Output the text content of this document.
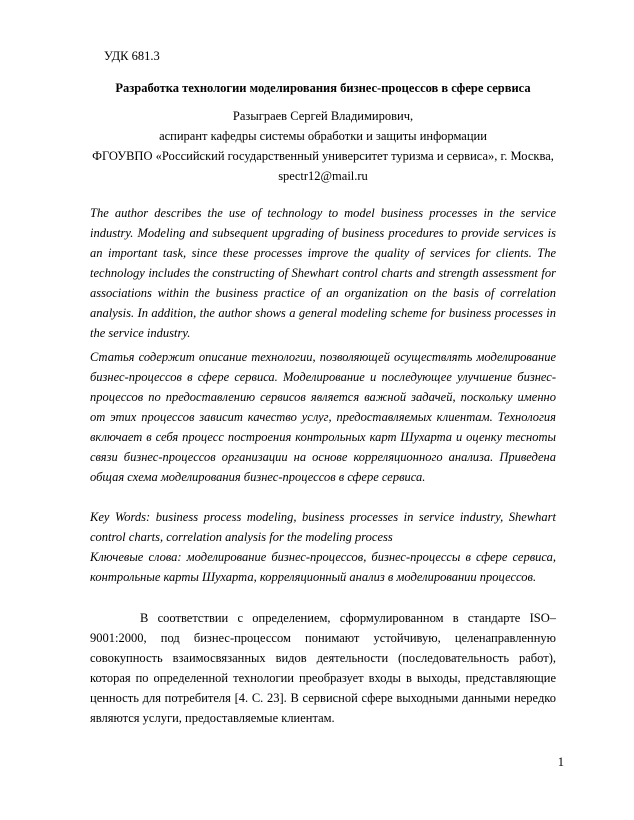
УДК 681.3
Разработка технологии моделирования бизнес-процессов в сфере сервиса
Разыграев Сергей Владимирович,
аспирант кафедры системы обработки и защиты информации
ФГОУВПО «Российский государственный университет туризма и сервиса», г. Москва,
spectr12@mail.ru
The author describes the use of technology to model business processes in the service industry. Modeling and subsequent upgrading of business procedures to provide services is an important task, since these processes improve the quality of services for clients. The technology includes the constructing of Shewhart control charts and strength assessment for associations within the business practice of an organization on the basis of correlation analysis. In addition, the author shows a general modeling scheme for business processes in the service industry.
Статья содержит описание технологии, позволяющей осуществлять моделирование бизнес-процессов в сфере сервиса. Моделирование и последующее улучшение бизнес-процессов по предоставлению сервисов является важной задачей, поскольку именно от этих процессов зависит качество услуг, предоставляемых клиентам. Технология включает в себя процесс построения контрольных карт Шухарта и оценку тесноты связи бизнес-процессов организации на основе корреляционного анализа. Приведена общая схема моделирования бизнес-процессов в сфере сервиса.

Key Words: business process modeling, business processes in service industry, Shewhart control charts, correlation analysis for the modeling process

Ключевые слова: моделирование бизнес-процессов, бизнес-процессы в сфере сервиса, контрольные карты Шухарта, корреляционный анализ в моделировании процессов.

В соответствии с определением, сформулированном в стандарте ISO–9001:2000, под бизнес-процессом понимают устойчивую, целенаправленную совокупность взаимосвязанных видов деятельности (последовательность работ), которая по определенной технологии преобразует входы в выходы, представляющие ценность для потребителя [4. С. 23]. В сервисной сфере выходными данными нередко являются услуги, предоставляемые клиентам.

1
